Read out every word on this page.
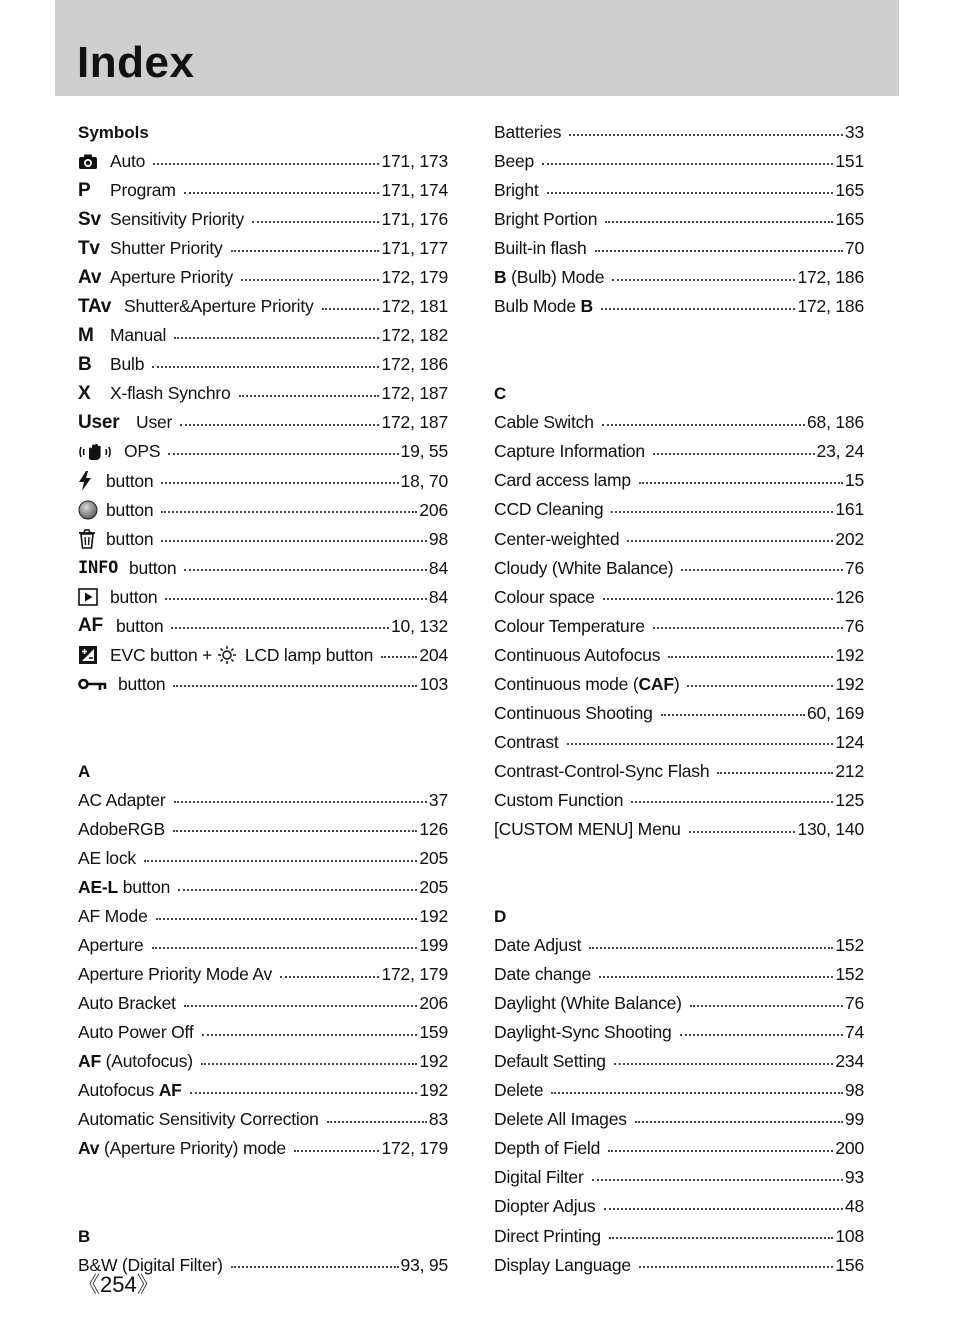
Index
Symbols
Auto	171, 173
P	Program	171, 174
Sv Sensitivity Priority	171, 176
Tv Shutter Priority	171, 177
Av Aperture Priority	172, 179
TAv Shutter&Aperture Priority	172, 181
M Manual	172, 182
B	Bulb	172, 186
X	X-flash Synchro	172, 187
User User	172, 187
OPS	19, 55
button	18, 70
button	206
button	98
INFO button	84
button	84
AF button	10, 132
EVC button + LCD lamp button	204
button	103
A
AC Adapter	37
AdobeRGB	126
AE lock	205
AE-L button	205
AF Mode	192
Aperture	199
Aperture Priority Mode Av	172, 179
Auto Bracket	206
Auto Power Off	159
AF (Autofocus)	192
Autofocus AF	192
Automatic Sensitivity Correction	83
Av (Aperture Priority) mode	172, 179
B
B&W (Digital Filter)	93, 95
Batteries	33
Beep	151
Bright	165
Bright Portion	165
Built-in flash	70
B (Bulb) Mode	172, 186
Bulb Mode B	172, 186
C
Cable Switch	68, 186
Capture Information	23, 24
Card access lamp	15
CCD Cleaning	161
Center-weighted	202
Cloudy (White Balance)	76
Colour space	126
Colour Temperature	76
Continuous Autofocus	192
Continuous mode ( CAF )	192
Continuous Shooting	60, 169
Contrast	124
Contrast-Control-Sync Flash	212
Custom Function	125
[CUSTOM MENU] Menu	130, 140
D
Date Adjust	152
Date change	152
Daylight (White Balance)	76
Daylight-Sync Shooting	74
Default Setting	234
Delete	98
Delete All Images	99
Depth of Field	200
Digital Filter	93
Diopter Adjus	48
Direct Printing	108
Display Language	156
《254》
